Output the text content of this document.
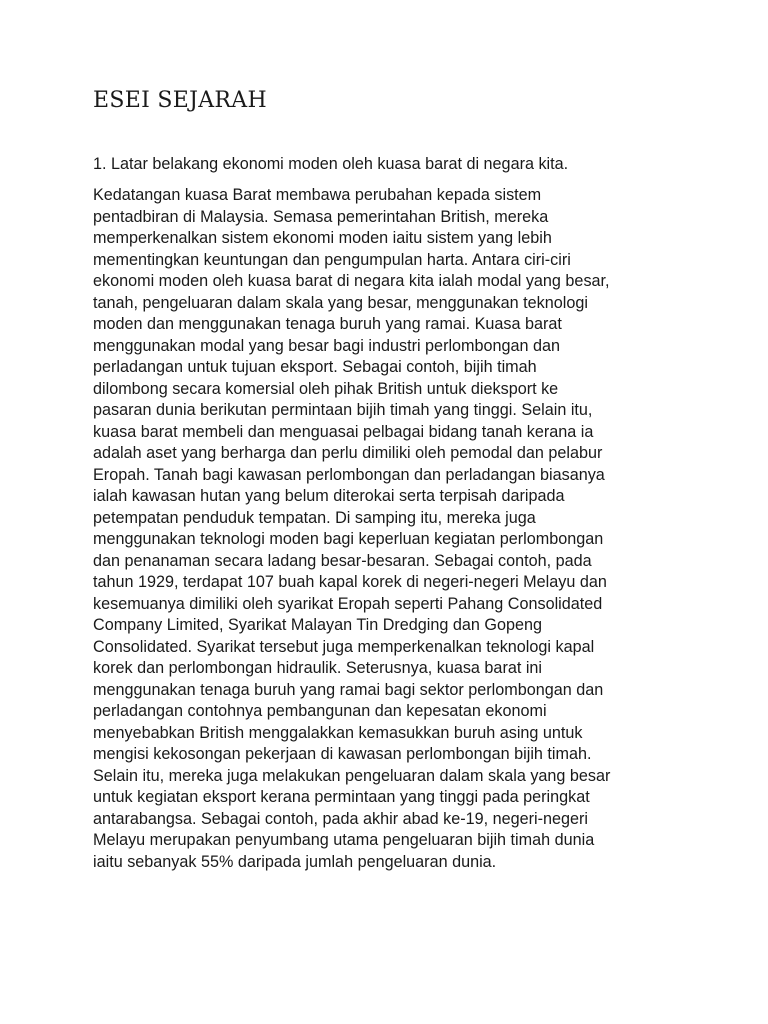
ESEI SEJARAH

1. Latar belakang ekonomi moden oleh kuasa barat di negara kita.

Kedatangan kuasa Barat membawa perubahan kepada sistem
pentadbiran di Malaysia. Semasa pemerintahan British, mereka
memperkenalkan sistem ekonomi moden iaitu sistem yang lebih
mementingkan keuntungan dan pengumpulan harta. Antara ciri-ciri
ekonomi moden oleh kuasa barat di negara kita ialah modal yang besar,
tanah, pengeluaran dalam skala yang besar, menggunakan teknologi
moden dan menggunakan tenaga buruh yang ramai. Kuasa barat
menggunakan modal yang besar bagi industri perlombongan dan
perladangan untuk tujuan eksport. Sebagai contoh, bijih timah
dilombong secara komersial oleh pihak British untuk dieksport ke
pasaran dunia berikutan permintaan bijih timah yang tinggi. Selain itu,
kuasa barat membeli dan menguasai pelbagai bidang tanah kerana ia
adalah aset yang berharga dan perlu dimiliki oleh pemodal dan pelabur
Eropah. Tanah bagi kawasan perlombongan dan perladangan biasanya
ialah kawasan hutan yang belum diterokai serta terpisah daripada
petempatan penduduk tempatan. Di samping itu, mereka juga
menggunakan teknologi moden bagi keperluan kegiatan perlombongan
dan penanaman secara ladang besar-besaran. Sebagai contoh, pada
tahun 1929, terdapat 107 buah kapal korek di negeri-negeri Melayu dan
kesemuanya dimiliki oleh syarikat Eropah seperti Pahang Consolidated
Company Limited, Syarikat Malayan Tin Dredging dan Gopeng
Consolidated. Syarikat tersebut juga memperkenalkan teknologi kapal
korek dan perlombongan hidraulik. Seterusnya, kuasa barat ini
menggunakan tenaga buruh yang ramai bagi sektor perlombongan dan
perladangan contohnya pembangunan dan kepesatan ekonomi
menyebabkan British menggalakkan kemasukkan buruh asing untuk
mengisi kekosongan pekerjaan di kawasan perlombongan bijih timah.
Selain itu, mereka juga melakukan pengeluaran dalam skala yang besar
untuk kegiatan eksport kerana permintaan yang tinggi pada peringkat
antarabangsa. Sebagai contoh, pada akhir abad ke-19, negeri-negeri
Melayu merupakan penyumbang utama pengeluaran bijih timah dunia
iaitu sebanyak 55% daripada jumlah pengeluaran dunia.
